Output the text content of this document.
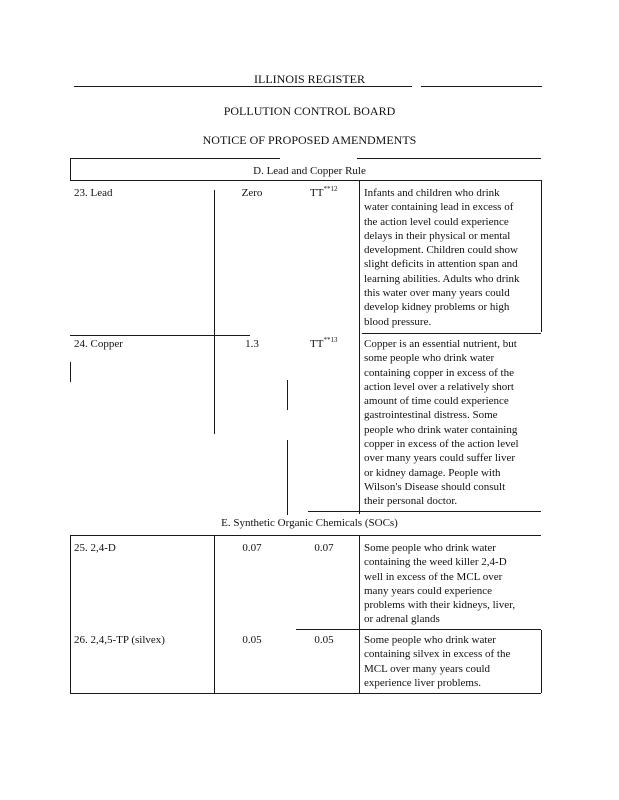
ILLINOIS REGISTER
POLLUTION CONTROL BOARD
NOTICE OF PROPOSED AMENDMENTS
D. Lead and Copper Rule
E. Synthetic Organic Chemicals (SOCs)
23. Lead	Zero	TT$^{**12}$ Infants and children who drink
water containing lead in excess of
the action level could experience
delays in their physical or mental
development. Children could show
slight deficits in attention span and
learning abilities. Adults who drink
this water over many years could
develop kidney problems or high
blood pressure.
24. Copper	1.3	TT$^{**13}$ Copper is an essential nutrient, but
some people who drink water
containing copper in excess of the
action level over a relatively short
amount of time could experience
gastrointestinal distress. Some
people who drink water containing
copper in excess of the action level
over many years could suffer liver
or kidney damage. People with
Wilson's Disease should consult
their personal doctor.
25. 2,4-D	0.07	0.07	Some people who drink water
containing the weed killer 2,4-D
well in excess of the MCL over
many years could experience
problems with their kidneys, liver,
or adrenal glands
26. 2,4,5-TP (silvex)	0.05	0.05	Some people who drink water
containing silvex in excess of the
MCL over many years could
experience liver problems.
